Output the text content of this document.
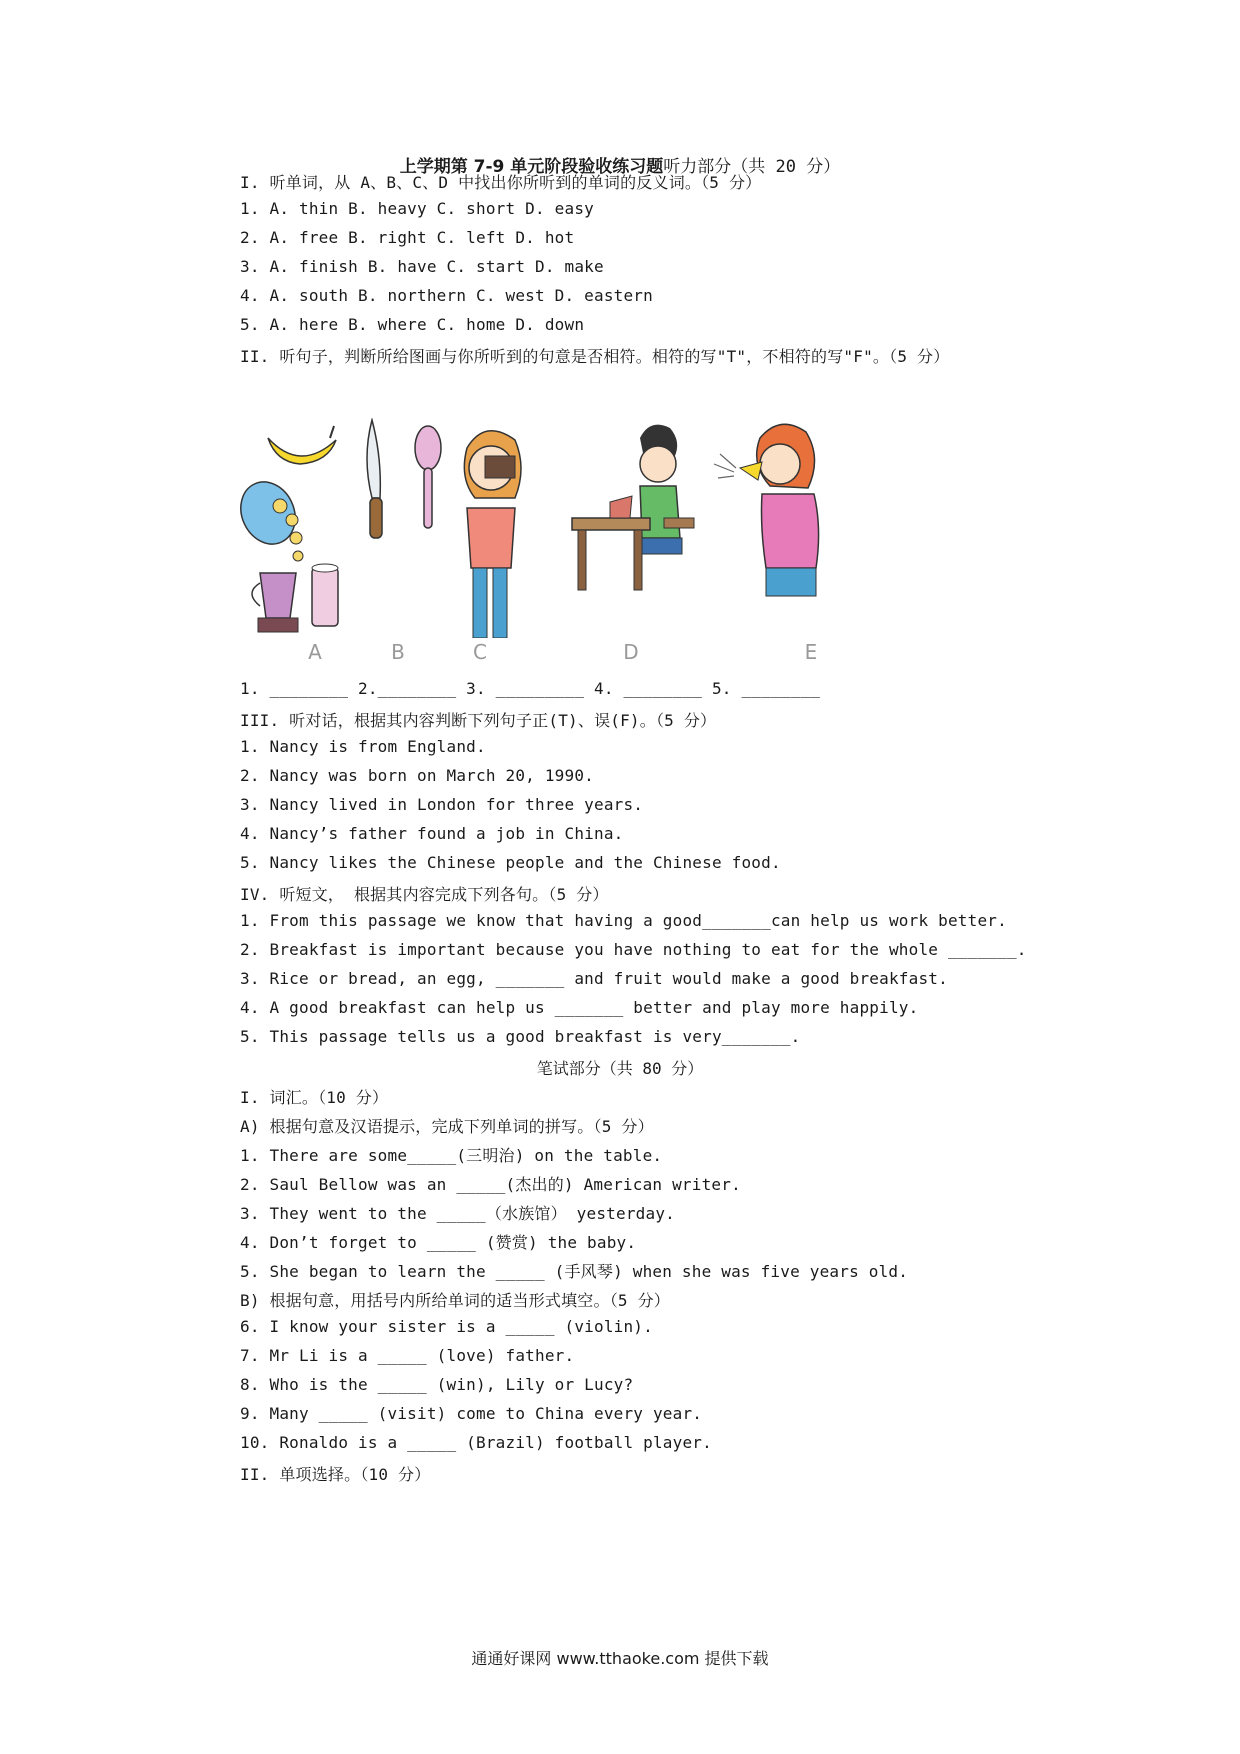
上学期第 7-9 单元阶段验收练习题听力部分（共 20 分）
I. 听单词，从 A、B、C、D 中找出你所听到的单词的反义词。（5 分）
1. A. thin B. heavy C. short D. easy
2. A. free B. right C. left D. hot
3. A. finish B. have C. start D. make
4. A. south B. northern C. west D. eastern
5. A. here B. where C. home D. down
II. 听句子，判断所给图画与你所听到的句意是否相符。相符的写"T"，不相符的写"F"。（5 分）
A	B	C	D	E
1. ________ 2.________ 3. _________ 4. ________ 5. ________
III. 听对话，根据其内容判断下列句子正(T)、误(F)。（5 分）
1. Nancy is from England.
2. Nancy was born on March 20, 1990.
3. Nancy lived in London for three years.
4. Nancy’s father found a job in China.
5. Nancy likes the Chinese people and the Chinese food.
IV. 听短文， 根据其内容完成下列各句。（5 分）
1. From this passage we know that having a good_______can help us work better.
2. Breakfast is important because you have nothing to eat for the whole _______.
3. Rice or bread, an egg, _______ and fruit would make a good breakfast.
4. A good breakfast can help us _______ better and play more happily.
5. This passage tells us a good breakfast is very_______.
笔试部分（共 80 分）
I. 词汇。（10 分）
A) 根据句意及汉语提示，完成下列单词的拼写。（5 分）
1. There are some_____(三明治) on the table.
2. Saul Bellow was an _____(杰出的) American writer.
3. They went to the _____（水族馆） yesterday.
4. Don’t forget to _____ (赞赏) the baby.
5. She began to learn the _____ (手风琴) when she was five years old.
B) 根据句意，用括号内所给单词的适当形式填空。（5 分）
6. I know your sister is a _____ (violin).
7. Mr Li is a _____ (love) father.
8. Who is the _____ (win), Lily or Lucy?
9. Many _____ (visit) come to China every year.
10. Ronaldo is a _____ (Brazil) football player.
II. 单项选择。（10 分）
通通好课网 www.tthaoke.com 提供下载
